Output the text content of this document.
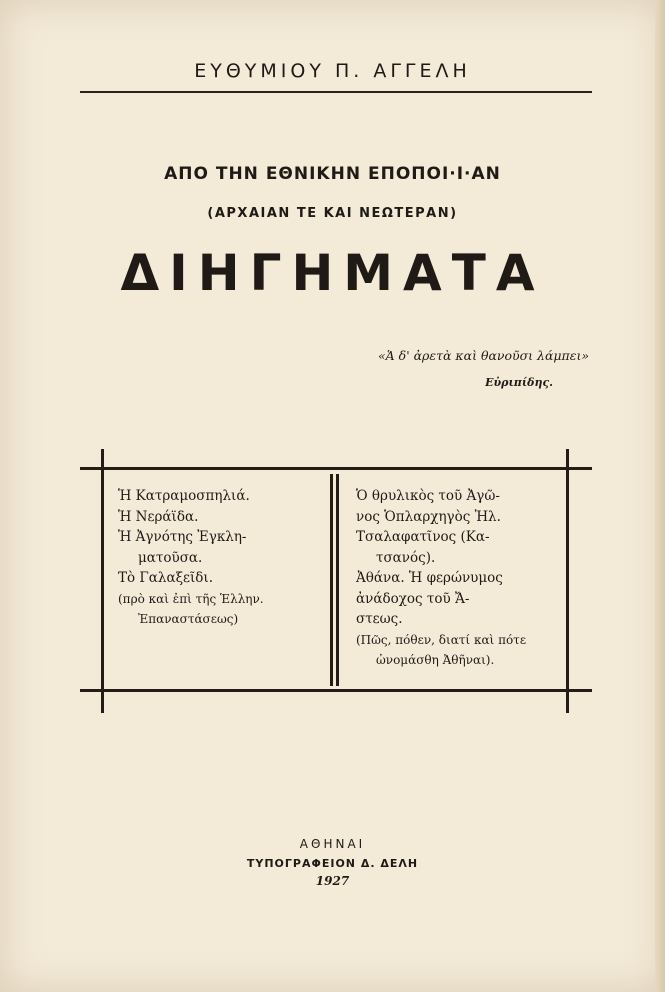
ΕΥΘΥΜΙΟΥ Π. ΑΓΓΕΛΗ
ΑΠΟ ΤΗΝ ΕΘΝΙΚΗΝ ΕΠΟΠΟΙ·Ι·ΑΝ
(ΑΡΧΑΙΑΝ ΤΕ ΚΑΙ ΝΕΩΤΕΡΑΝ)
ΔΙΗΓΗΜΑΤΑ
«Ἁ δ' ἀρετὰ καὶ θανοῦσι λάμπει»
Εὐριπίδης.
Ἡ Κατραμοσπηλιά.
Ἡ Νεράϊδα.
Ἡ Ἀγνότης Ἐγκλη-
ματοῦσα.
Τὸ Γαλαξεῖδι.
(πρὸ καὶ ἐπὶ τῆς Ἑλλην.
Ἐπαναστάσεως)
Ὁ θρυλικὸς τοῦ Ἀγῶ-
νος Ὁπλαρχηγὸς Ἠλ.
Τσαλαφατῖνος (Κα-
τσανός).
Ἀθάνα. Ἡ φερώνυμος
ἀνάδοχος τοῦ Ἄ-
στεως.
(Πῶς, πόθεν, διατί καὶ πότε
ὠνομάσθη Ἀθῆναι).
ΑΘΗΝΑΙ
ΤΥΠΟΓΡΑΦΕΙΟΝ Δ. ΔΕΛΗ
1927
